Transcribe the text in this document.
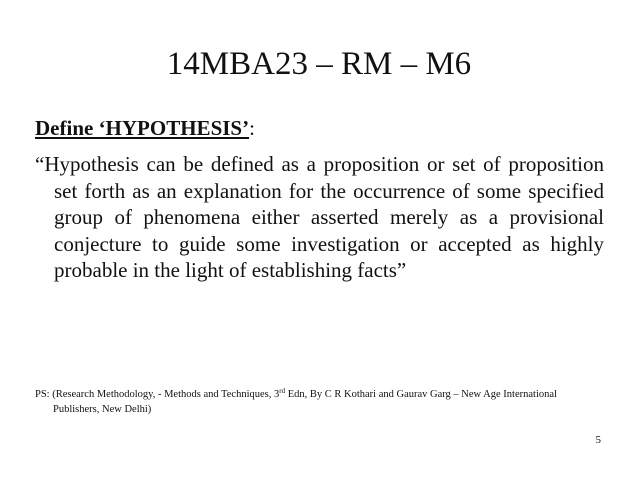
14MBA23 – RM – M6
Define ‘HYPOTHESIS’:

“Hypothesis can be defined as a proposition or set of proposition set forth as an explanation for the occurrence of some specified group of phenomena either asserted merely as a provisional conjecture to guide some investigation or accepted as highly probable in the light of establishing facts”

PS: (Research Methodology, - Methods and Techniques, 3rd Edn, By C R Kothari and Gaurav Garg – New Age International Publishers, New Delhi)
5
